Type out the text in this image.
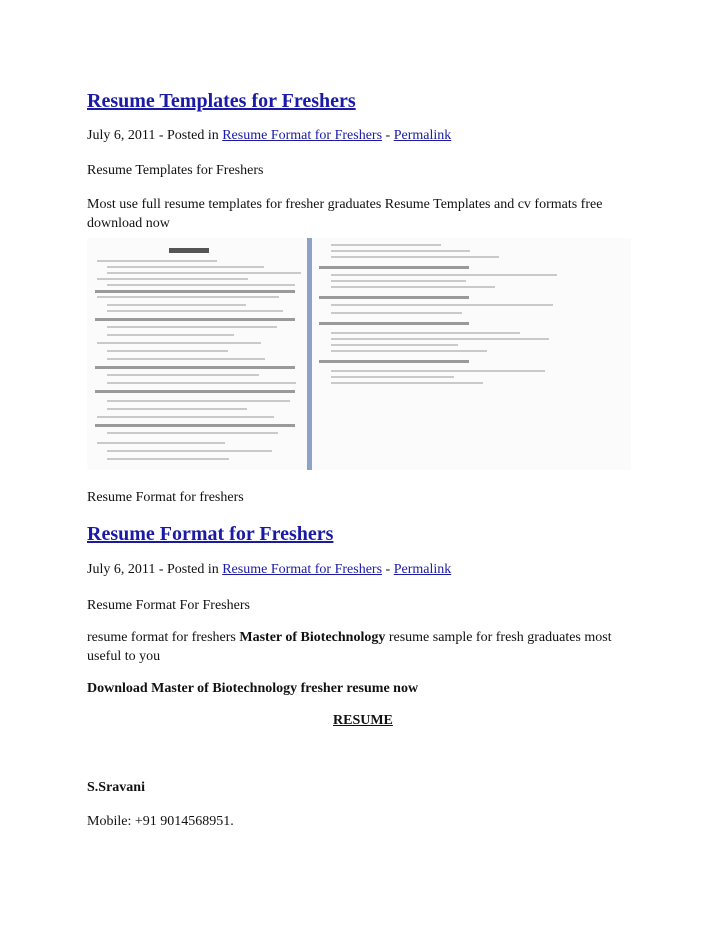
Resume Templates for Freshers
July 6, 2011 - Posted in Resume Format for Freshers - Permalink
Resume Templates for Freshers
Most use full resume templates for fresher graduates Resume Templates and cv formats free download now
Resume Format for freshers
Resume Format for Freshers
July 6, 2011 - Posted in Resume Format for Freshers - Permalink
Resume Format For Freshers
resume format for freshers Master of Biotechnology resume sample for fresh graduates most useful to you
Download Master of Biotechnology fresher resume now
RESUME
S.Sravani
Mobile: +91 9014568951.
